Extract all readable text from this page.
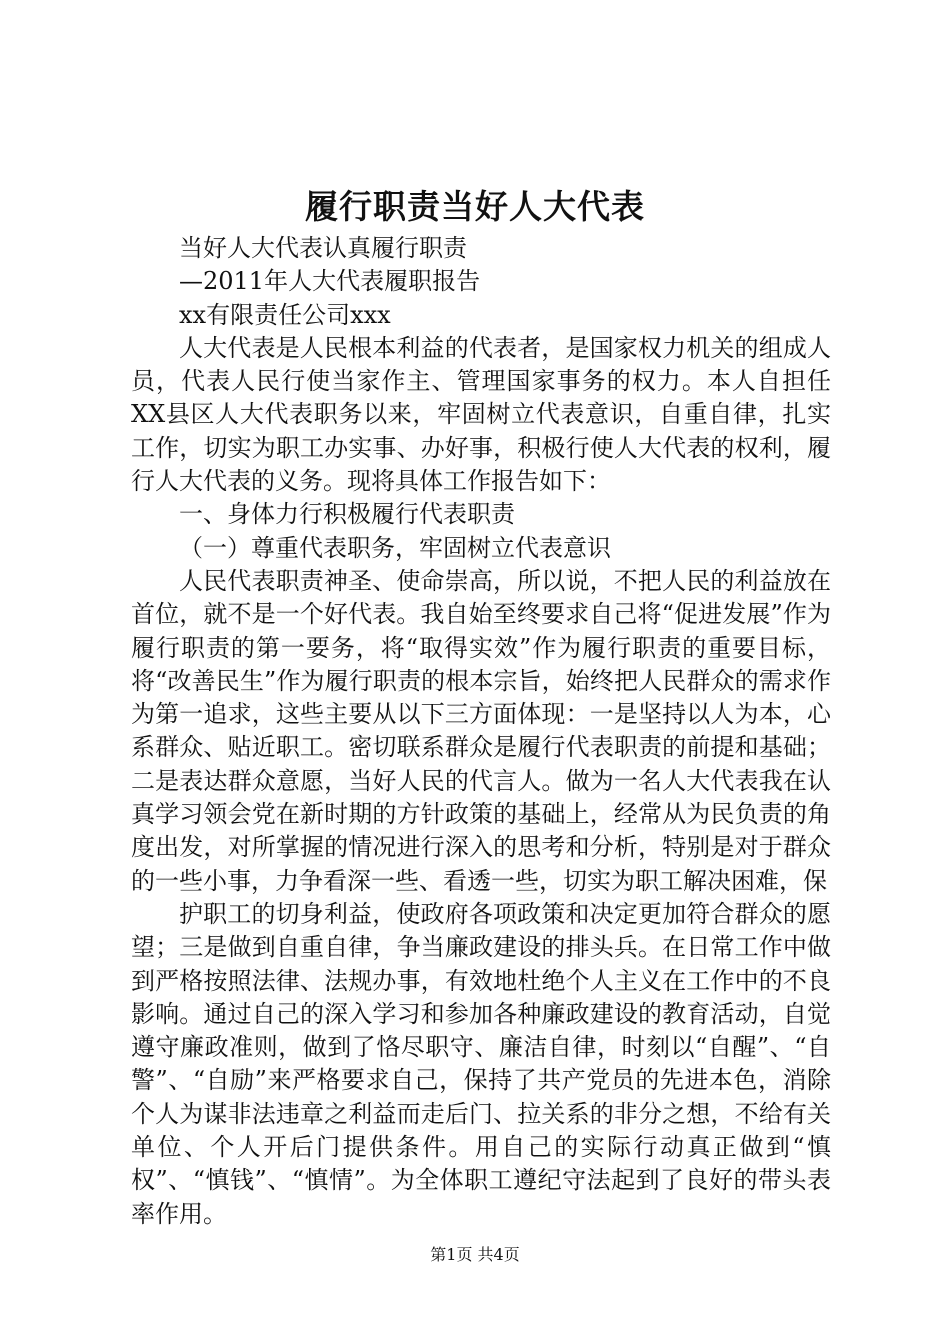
履行职责当好人大代表

当好人大代表认真履行职责

—2011年人大代表履职报告

xx有限责任公司xxx

人大代表是人民根本利益的代表者，是国家权力机关的组成人员，代表人民行使当家作主、管理国家事务的权力。本人自担任XX县区人大代表职务以来，牢固树立代表意识，自重自律，扎实工作，切实为职工办实事、办好事，积极行使人大代表的权利，履行人大代表的义务。现将具体工作报告如下：

一、身体力行积极履行代表职责

（一）尊重代表职务，牢固树立代表意识

人民代表职责神圣、使命崇高，所以说，不把人民的利益放在首位，就不是一个好代表。我自始至终要求自己将“促进发展”作为履行职责的第一要务，将“取得实效”作为履行职责的重要目标，将“改善民生”作为履行职责的根本宗旨，始终把人民群众的需求作为第一追求，这些主要从以下三方面体现：一是坚持以人为本，心系群众、贴近职工。密切联系群众是履行代表职责的前提和基础；二是表达群众意愿，当好人民的代言人。做为一名人大代表我在认真学习领会党在新时期的方针政策的基础上，经常从为民负责的角度出发，对所掌握的情况进行深入的思考和分析，特别是对于群众的一些小事，力争看深一些、看透一些，切实为职工解决困难，保

护职工的切身利益，使政府各项政策和决定更加符合群众的愿望；三是做到自重自律，争当廉政建设的排头兵。在日常工作中做到严格按照法律、法规办事，有效地杜绝个人主义在工作中的不良影响。通过自己的深入学习和参加各种廉政建设的教育活动，自觉遵守廉政准则，做到了恪尽职守、廉洁自律，时刻以“自醒”、“自警”、“自励”来严格要求自己，保持了共产党员的先进本色，消除个人为谋非法违章之利益而走后门、拉关系的非分之想，不给有关单位、个人开后门提供条件。用自己的实际行动真正做到“慎权”、“慎钱”、“慎情”。为全体职工遵纪守法起到了良好的带头表率作用。

第1页 共4页
